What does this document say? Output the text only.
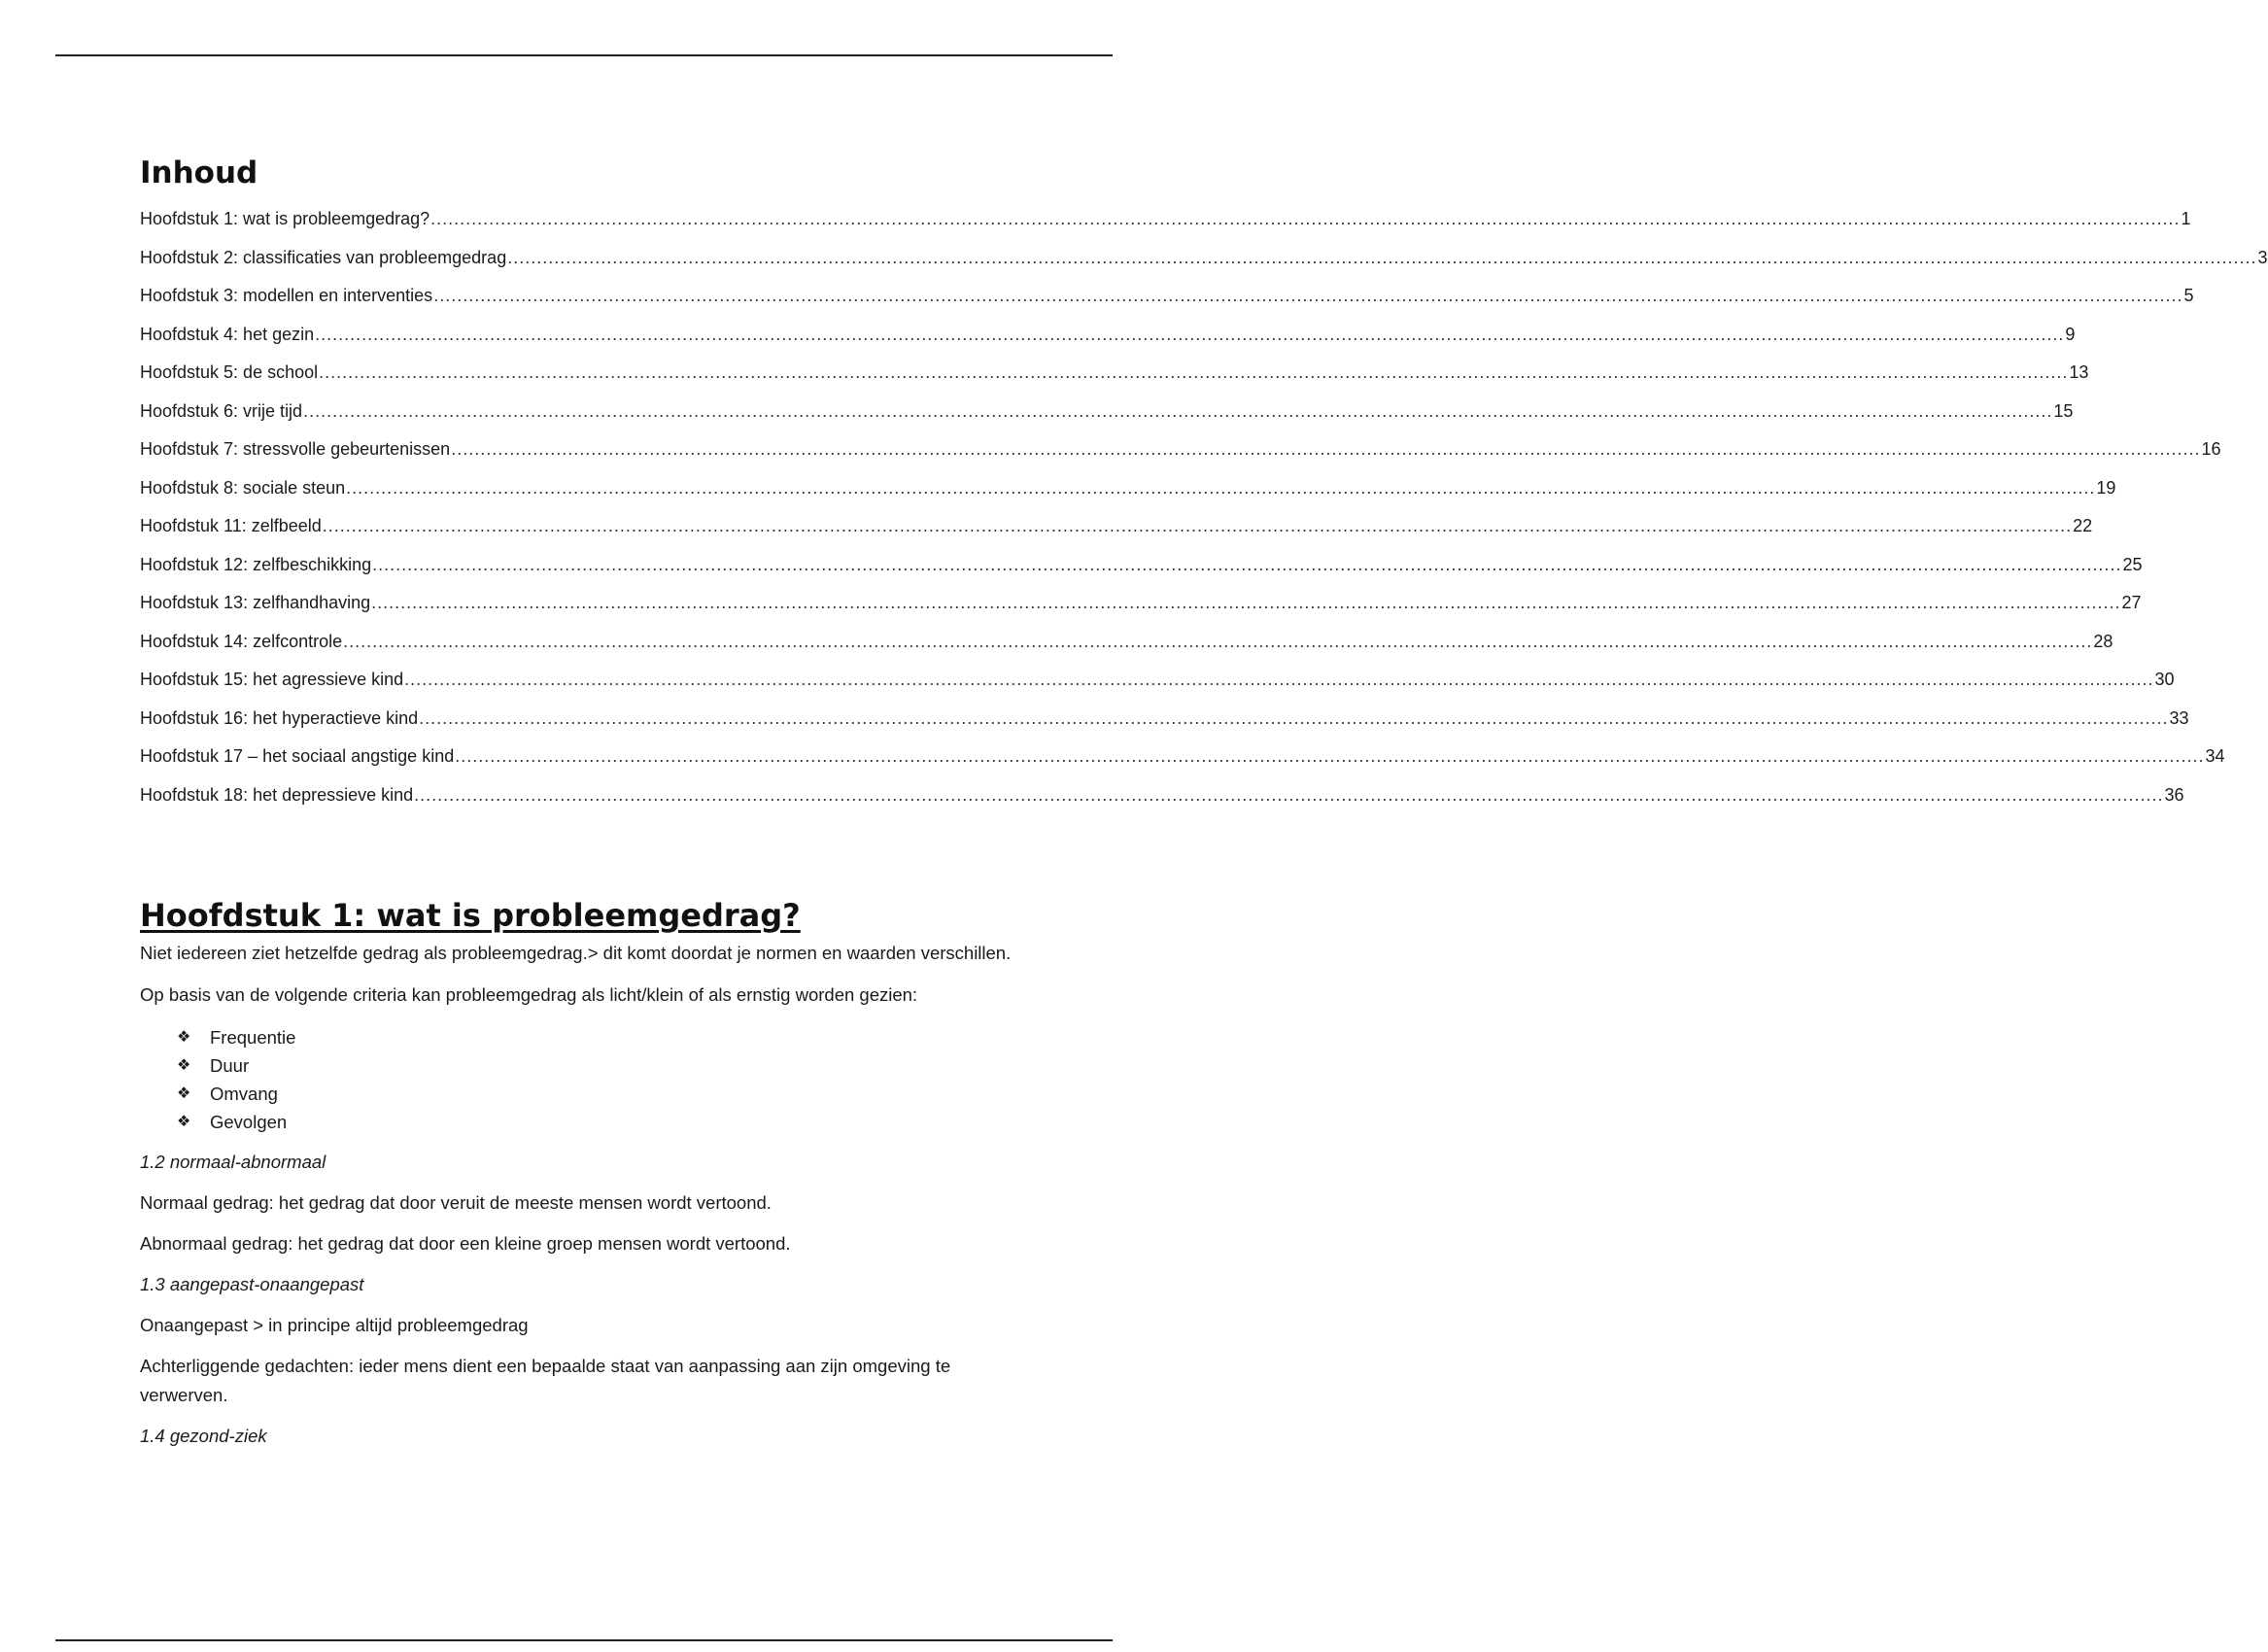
Inhoud
Hoofdstuk 1: wat is probleemgedrag? ............................................................................................................................................................................................................................................................................................................ 1
Hoofdstuk 2: classificaties van probleemgedrag ............................................................................................................................................................................................................................................................................................................ 3
Hoofdstuk 3: modellen en interventies ............................................................................................................................................................................................................................................................................................................ 5
Hoofdstuk 4: het gezin ............................................................................................................................................................................................................................................................................................................ 9
Hoofdstuk 5: de school ............................................................................................................................................................................................................................................................................................................ 13
Hoofdstuk 6: vrije tijd ............................................................................................................................................................................................................................................................................................................ 15
Hoofdstuk 7: stressvolle gebeurtenissen ............................................................................................................................................................................................................................................................................................................ 16
Hoofdstuk 8: sociale steun ............................................................................................................................................................................................................................................................................................................ 19
Hoofdstuk 11: zelfbeeld ............................................................................................................................................................................................................................................................................................................ 22
Hoofdstuk 12: zelfbeschikking ............................................................................................................................................................................................................................................................................................................ 25
Hoofdstuk 13: zelfhandhaving ............................................................................................................................................................................................................................................................................................................ 27
Hoofdstuk 14: zelfcontrole ............................................................................................................................................................................................................................................................................................................ 28
Hoofdstuk 15: het agressieve kind ............................................................................................................................................................................................................................................................................................................ 30
Hoofdstuk 16: het hyperactieve kind ............................................................................................................................................................................................................................................................................................................ 33
Hoofdstuk 17 – het sociaal angstige kind ............................................................................................................................................................................................................................................................................................................ 34
Hoofdstuk 18: het depressieve kind ............................................................................................................................................................................................................................................................................................................ 36
Hoofdstuk 1: wat is probleemgedrag?

Niet iedereen ziet hetzelfde gedrag als probleemgedrag.> dit komt doordat je normen en waarden verschillen.

Op basis van de volgende criteria kan probleemgedrag als licht/klein of als ernstig worden gezien:

❖	Frequentie
❖	Duur
❖	Omvang
❖	Gevolgen

1.2 normaal-abnormaal

Normaal gedrag: het gedrag dat door veruit de meeste mensen wordt vertoond.

Abnormaal gedrag: het gedrag dat door een kleine groep mensen wordt vertoond.

1.3 aangepast-onaangepast

Onaangepast > in principe altijd probleemgedrag

Achterliggende gedachten: ieder mens dient een bepaalde staat van aanpassing aan zijn omgeving te verwerven.

1.4 gezond-ziek
